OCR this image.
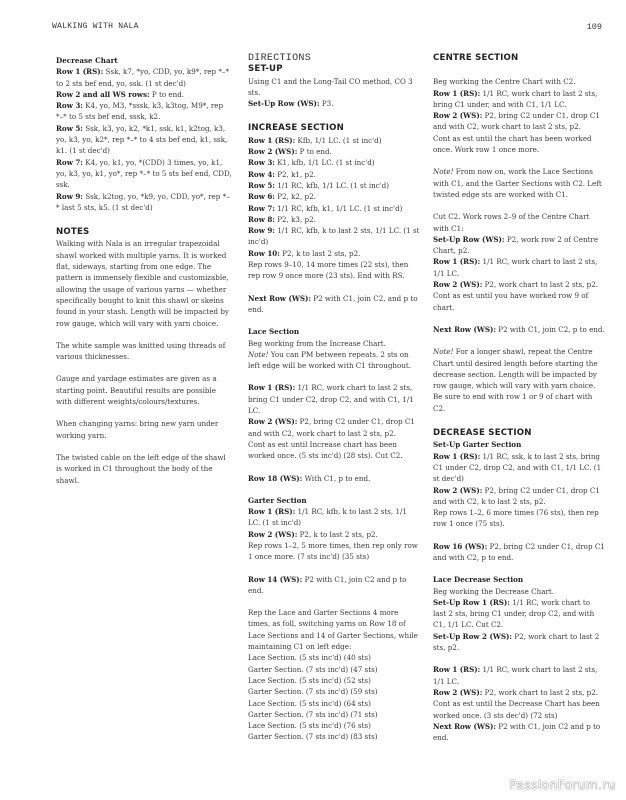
WALKING WITH NALA	109

Decrease Chart

Row 1 (RS): Ssk, k7, *yo, CDD, yo, k9*, rep *–* to 2 sts bef end, yo, ssk. (1 st dec'd)

Row 2 and all WS rows: P to end.

Row 3: K4, yo, M3, *sssk, k3, k3tog, M9*, rep *–* to 5 sts bef end, sssk, k2.

Row 5: Ssk, k3, yo, k2, *k1, ssk, k1, k2tog, k3, yo, k3, yo, k2*, rep *–* to 4 sts bef end, k1, ssk, k1. (1 st dec'd)

Row 7: K4, yo, k1, yo, *(CDD) 3 times, yo, k1, yo, k3, yo, k1, yo*, rep *–* to 5 sts bef end, CDD, ssk.

Row 9: Ssk, k2tog, yo, *k9, yo, CDD, yo*, rep *–* last 5 sts, k5. (1 st dec'd)

NOTES

Walking with Nala is an irregular trapezoidal shawl worked with multiple yarns. It is worked flat, sideways, starting from one edge. The pattern is immensely flexible and customizable, allowing the usage of various yarns — whether specifically bought to knit this shawl or skeins found in your stash. Length will be impacted by row gauge, which will vary with yarn choice.

The white sample was knitted using threads of various thicknesses.

Gauge and yardage estimates are given as a starting point. Beautiful results are possible with different weights/colours/textures.

When changing yarns: bring new yarn under working yarn.

The twisted cable on the left edge of the shawl is worked in C1 throughout the body of the shawl.

DIRECTIONS

SET-UP

Using C1 and the Long-Tail CO method, CO 3 sts.

Set-Up Row (WS): P3.

INCREASE SECTION

Row 1 (RS): Kfb, 1/1 LC. (1 st inc'd)

Row 2 (WS): P to end.

Row 3: K1, kfb, 1/1 LC. (1 st inc'd)

Row 4: P2, k1, p2.

Row 5: 1/1 RC, kfb, 1/1 LC. (1 st inc'd)

Row 6: P2, k2, p2.

Row 7: 1/1 RC, kfb, k1, 1/1 LC. (1 st inc'd)

Row 8: P2, k3, p2.

Row 9: 1/1 RC, kfb, k to last 2 sts, 1/1 LC. (1 st inc'd)

Row 10: P2, k to last 2 sts, p2.

Rep rows 9–10, 14 more times (22 sts), then rep row 9 once more (23 sts). End with RS.

Next Row (WS): P2 with C1, join C2, and p to end.

Lace Section

Beg working from the Increase Chart.

Note! You can PM between repeats. 2 sts on left edge will be worked with C1 throughout.

Row 1 (RS): 1/1 RC, work chart to last 2 sts, bring C1 under C2, drop C2, and with C1, 1/1 LC.

Row 2 (WS): P2, bring C2 under C1, drop C1 and with C2, work chart to last 2 sts, p2.

Cont as est until Increase chart has been worked once. (5 sts inc'd) (28 sts). Cut C2.

Row 18 (WS): With C1, p to end.

Garter Section

Row 1 (RS): 1/1 RC, kfb, k to last 2 sts, 1/1 LC. (1 st inc'd)

Row 2 (WS): P2, k to last 2 sts, p2.

Rep rows 1–2, 5 more times, then rep only row 1 once more. (7 sts inc'd) (35 sts)

Row 14 (WS): P2 with C1, join C2 and p to end.

Rep the Lace and Garter Sections 4 more times, as foll, switching yarns on Row 18 of Lace Sections and 14 of Garter Sections, while maintaining C1 on left edge:

Lace Section. (5 sts inc'd) (40 sts)

Garter Section. (7 sts inc'd) (47 sts)

Lace Section. (5 sts inc'd) (52 sts)

Garter Section. (7 sts inc'd) (59 sts)

Lace Section. (5 sts inc'd) (64 sts)

Garter Section. (7 sts inc'd) (71 sts)

Lace Section. (5 sts inc'd) (76 sts)

Garter Section. (7 sts inc'd) (83 sts)

CENTRE SECTION

Beg working the Centre Chart with C2.

Row 1 (RS): 1/1 RC, work chart to last 2 sts, bring C1 under, and with C1, 1/1 LC.

Row 2 (WS): P2, bring C2 under C1, drop C1 and with C2, work chart to last 2 sts, p2.

Cont as est until the chart has been worked once. Work row 1 once more.

Note! From now on, work the Lace Sections with C1, and the Garter Sections with C2. Left twisted edge sts are worked with C1.

Cut C2. Work rows 2–9 of the Centre Chart with C1:

Set-Up Row (WS): P2, work row 2 of Centre Chart, p2.

Row 1 (RS): 1/1 RC, work chart to last 2 sts, 1/1 LC.

Row 2 (WS): P2, work chart to last 2 sts, p2.

Cont as est until you have worked row 9 of chart.

Next Row (WS): P2 with C1, join C2, p to end.

Note! For a longer shawl, repeat the Centre Chart until desired length before starting the decrease section. Length will be impacted by row gauge, which will vary with yarn choice. Be sure to end with row 1 or 9 of chart with C2.

DECREASE SECTION

Set-Up Garter Section

Row 1 (RS): 1/1 RC, ssk, k to last 2 sts, bring C1 under C2, drop C2, and with C1, 1/1 LC. (1 st dec'd)

Row 2 (WS): P2, bring C2 under C1, drop C1 and with C2, k to last 2 sts, p2.

Rep rows 1–2, 6 more times (76 sts), then rep row 1 once (75 sts).

Row 16 (WS): P2, bring C2 under C1, drop C1 and with C2, p to end.

Lace Decrease Section

Beg working the Decrease Chart.

Set-Up Row 1 (RS): 1/1 RC, work chart to last 2 sts, bring C1 under, drop C2, and with C1, 1/1 LC. Cut C2.

Set-Up Row 2 (WS): P2, work chart to last 2 sts, p2.

Row 1 (RS): 1/1 RC, work chart to last 2 sts, 1/1 LC.

Row 2 (WS): P2, work chart to last 2 sts, p2.

Cont as est until the Decrease Chart has been worked once. (3 sts dec'd) (72 sts)

Next Row (WS): P2 with C1, join C2 and p to end.

PassionForum.ru
